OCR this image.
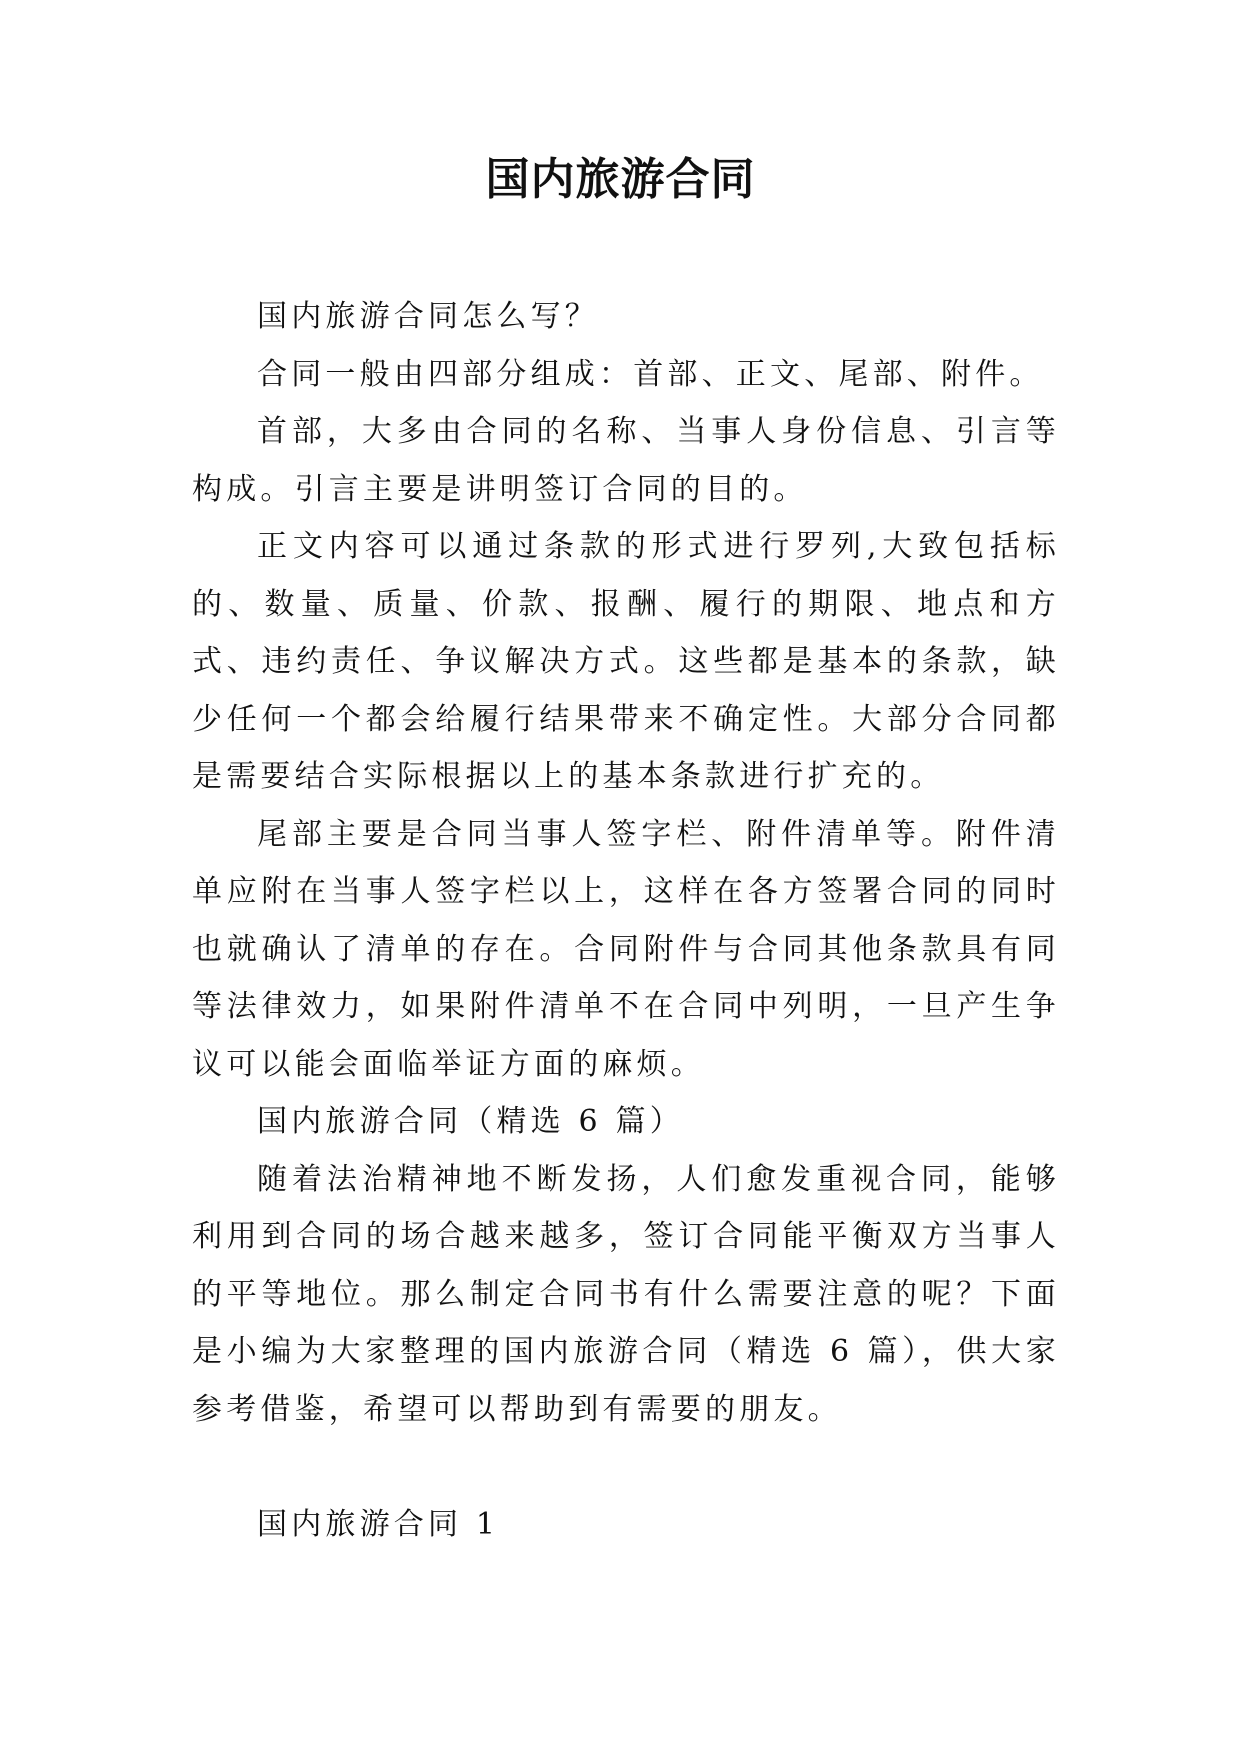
国内旅游合同

国内旅游合同怎么写？

合同一般由四部分组成：首部、正文、尾部、附件。

首部，大多由合同的名称、当事人身份信息、引言等构成。引言主要是讲明签订合同的目的。

正文内容可以通过条款的形式进行罗列,大致包括标的、数量、质量、价款、报酬、履行的期限、地点和方式、违约责任、争议解决方式。这些都是基本的条款，缺少任何一个都会给履行结果带来不确定性。大部分合同都是需要结合实际根据以上的基本条款进行扩充的。

尾部主要是合同当事人签字栏、附件清单等。附件清单应附在当事人签字栏以上，这样在各方签署合同的同时也就确认了清单的存在。合同附件与合同其他条款具有同等法律效力，如果附件清单不在合同中列明，一旦产生争议可以能会面临举证方面的麻烦。

国内旅游合同（精选 6 篇）

随着法治精神地不断发扬，人们愈发重视合同，能够利用到合同的场合越来越多，签订合同能平衡双方当事人的平等地位。那么制定合同书有什么需要注意的呢？下面是小编为大家整理的国内旅游合同（精选 6 篇），供大家参考借鉴，希望可以帮助到有需要的朋友。

国内旅游合同 1
